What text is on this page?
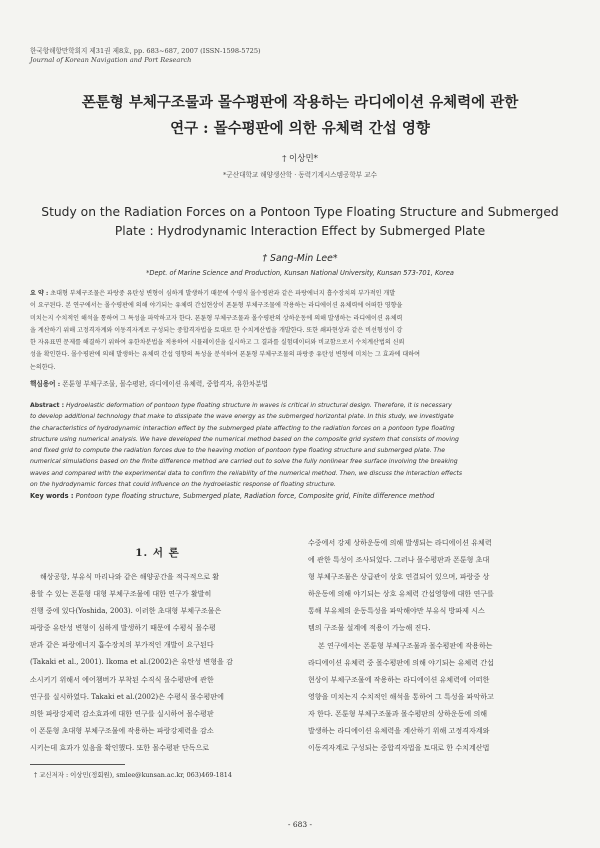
한국항해항만학회지 제31권 제8호, pp. 683~687, 2007 (ISSN-1598-5725)
Journal of Korean Navigation and Port Research
폰툰형 부체구조물과 몰수평판에 작용하는 라디에이션 유체력에 관한
연구 : 몰수평판에 의한 유체력 간섭 영향
† 이상민*
*군산대학교 해양생산학 · 동력기계시스템공학부 교수
Study on the Radiation Forces on a Pontoon Type Floating Structure and Submerged
Plate : Hydrodynamic Interaction Effect by Submerged Plate
† Sang-Min Lee*
*Dept. of Marine Science and Production, Kunsan National University, Kunsan 573-701, Korea
요 약 : 초대형 부체구조물은 파랑중 유탄성 변형이 심하게 발생하기 때문에 수평식 몰수평판과 같은 파랑에너지 흡수장치의 부가적인 개발
이 요구된다. 본 연구에서는 몰수평판에 의해 야기되는 유체력 간섭현상이 폰툰형 부체구조물에 작용하는 라디에이션 유체력에 어떠한 영향을
미치는지 수치적인 해석을 통하여 그 특성을 파악하고자 한다. 폰툰형 부체구조물과 몰수평판의 상하운동에 의해 발생하는 라디에이션 유체력
을 계산하기 위해 고정격자계와 이동격자계로 구성되는 중합격자법을 토대로 한 수치계산법을 개발한다. 또한 쇄파현상과 같은 비선형성이 강
한 자유표면 문제를 해결하기 위하여 유한차분법을 적용하여 시뮬레이션을 실시하고 그 결과를 실험데이터와 비교함으로서 수치계산법의 신뢰
성을 확인한다. 몰수평판에 의해 발생하는 유체력 간섭 영향의 특성을 분석하여 폰툰형 부체구조물의 파랑중 유탄성 변형에 미치는 그 효과에 대하여
논의한다.
핵심용어 : 폰툰형 부체구조물, 몰수평판, 라디에이션 유체력, 중합격자, 유한차분법
Abstract : Hydroelastic deformation of pontoon type floating structure in waves is critical in structural design. Therefore, it is necessary
to develop additional technology that make to dissipate the wave energy as the submerged horizontal plate. In this study, we investigate
the characteristics of hydrodynamic interaction effect by the submerged plate affecting to the radiation forces on a pontoon type floating
structure using numerical analysis. We have developed the numerical method based on the composite grid system that consists of moving
and fixed grid to compute the radiation forces due to the heaving motion of pontoon type floating structure and submerged plate. The
numerical simulations based on the finite difference method are carried out to solve the fully nonlinear free surface involving the breaking
waves and compared with the experimental data to confirm the reliability of the numerical method. Then, we discuss the interaction effects
on the hydrodynamic forces that could influence on the hydroelastic response of floating structure.
Key words : Pontoon type floating structure, Submerged plate, Radiation force, Composite grid, Finite difference method
1. 서 론
해상공항, 부유식 마리나와 같은 해양공간을 적극적으로 활
용할 수 있는 폰툰형 대형 부체구조물에 대한 연구가 활발히
진행 중에 있다(Yoshida, 2003). 이러한 초대형 부체구조물은
파랑중 유탄성 변형이 심하게 발생하기 때문에 수평식 몰수평
판과 같은 파랑에너지 흡수장치의 부가적인 개발이 요구된다
(Takaki et al., 2001). Ikoma et al.(2002)은 유탄성 변형을 감
소시키기 위해서 에어챔버가 부착된 수직식 몰수평판에 관한
연구를 실시하였다. Takaki et al.(2002)은 수평식 몰수평판에
의한 파랑강제력 감소효과에 대한 연구를 실시하여 몰수평판
이 폰툰형 초대형 부체구조물에 작용하는 파랑강제력을 감소
시키는데 효과가 있음을 확인했다. 또한 몰수평판 단독으로
수중에서 강제 상하운동에 의해 발생되는 라디에이션 유체력
에 관한 특성이 조사되었다. 그러나 몰수평판과 폰툰형 초대
형 부체구조물은 상급관이 상호 연결되어 있으며, 파랑중 상
하운동에 의해 야기되는 상호 유체력 간섭영향에 대한 연구를
통해 부유체의 운동특성을 파악해야만 부유식 방파제 시스
템의 구조물 설계에 적용이 가능해 진다.
본 연구에서는 폰툰형 부체구조물과 몰수평판에 작용하는
라디에이션 유체력 중 몰수평판에 의해 야기되는 유체력 간섭
현상이 부체구조물에 작용하는 라디에이션 유체력에 어떠한
영향을 미치는지 수치적인 해석을 통하여 그 특성을 파악하고
자 한다. 폰툰형 부체구조물과 몰수평판의 상하운동에 의해
발생하는 라디에이션 유체력을 계산하기 위해 고정격자계와
이동격자계로 구성되는 중합격자법을 토대로 한 수치계산법
† 교신저자 : 이상민(정회원), smlee@kunsan.ac.kr, 063)469-1814
- 683 -
